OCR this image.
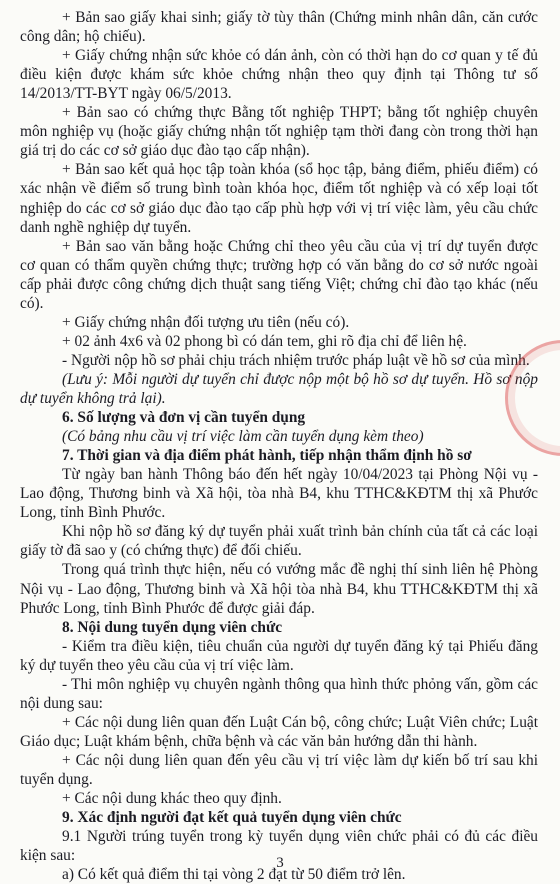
+ Bản sao giấy khai sinh; giấy tờ tùy thân (Chứng minh nhân dân, căn cước
công dân; hộ chiếu).
+ Giấy chứng nhận sức khỏe có dán ảnh, còn có thời hạn do cơ quan y tế đủ
điều kiện được khám sức khỏe chứng nhận theo quy định tại Thông tư số
14/2013/TT-BYT ngày 06/5/2013.
+ Bản sao có chứng thực Bằng tốt nghiệp THPT; bằng tốt nghiệp chuyên
môn nghiệp vụ (hoặc giấy chứng nhận tốt nghiệp tạm thời đang còn trong thời hạn
giá trị do các cơ sở giáo dục đào tạo cấp nhận).
+ Bản sao kết quả học tập toàn khóa (sổ học tập, bảng điểm, phiếu điểm) có
xác nhận về điểm số trung bình toàn khóa học, điểm tốt nghiệp và có xếp loại tốt
nghiệp do các cơ sở giáo dục đào tạo cấp phù hợp với vị trí việc làm, yêu cầu chức
danh nghề nghiệp dự tuyển.
+ Bản sao văn bằng hoặc Chứng chỉ theo yêu cầu của vị trí dự tuyển được
cơ quan có thẩm quyền chứng thực; trường hợp có văn bằng do cơ sở nước ngoài
cấp phải được công chứng dịch thuật sang tiếng Việt; chứng chỉ đào tạo khác (nếu
có).
+ Giấy chứng nhận đối tượng ưu tiên (nếu có).
+ 02 ảnh 4x6 và 02 phong bì có dán tem, ghi rõ địa chỉ để liên hệ.
- Người nộp hồ sơ phải chịu trách nhiệm trước pháp luật về hồ sơ của mình.
(Lưu ý: Mỗi người dự tuyển chỉ được nộp một bộ hồ sơ dự tuyển. Hồ sơ nộp
dự tuyển không trả lại).
6. Số lượng và đơn vị cần tuyển dụng
(Có bảng nhu cầu vị trí việc làm cần tuyển dụng kèm theo)
7. Thời gian và địa điểm phát hành, tiếp nhận thẩm định hồ sơ
Từ ngày ban hành Thông báo đến hết ngày 10/04/2023 tại Phòng Nội vụ -
Lao động, Thương binh và Xã hội, tòa nhà B4, khu TTHC&KĐTM thị xã Phước
Long, tỉnh Bình Phước.
Khi nộp hồ sơ đăng ký dự tuyển phải xuất trình bản chính của tất cả các loại
giấy tờ đã sao y (có chứng thực) để đối chiếu.
Trong quá trình thực hiện, nếu có vướng mắc đề nghị thí sinh liên hệ Phòng
Nội vụ - Lao động, Thương binh và Xã hội tòa nhà B4, khu TTHC&KĐTM thị xã
Phước Long, tỉnh Bình Phước để được giải đáp.
8. Nội dung tuyển dụng viên chức
- Kiểm tra điều kiện, tiêu chuẩn của người dự tuyển đăng ký tại Phiếu đăng
ký dự tuyển theo yêu cầu của vị trí việc làm.
- Thi môn nghiệp vụ chuyên ngành thông qua hình thức phỏng vấn, gồm các
nội dung sau:
+ Các nội dung liên quan đến Luật Cán bộ, công chức; Luật Viên chức; Luật
Giáo dục; Luật khám bệnh, chữa bệnh và các văn bản hướng dẫn thi hành.
+ Các nội dung liên quan đến yêu cầu vị trí việc làm dự kiến bố trí sau khi
tuyển dụng.
+ Các nội dung khác theo quy định.
9. Xác định người đạt kết quả tuyển dụng viên chức
9.1 Người trúng tuyển trong kỳ tuyển dụng viên chức phải có đủ các điều
kiện sau:
a) Có kết quả điểm thi tại vòng 2 đạt từ 50 điểm trở lên.
3
